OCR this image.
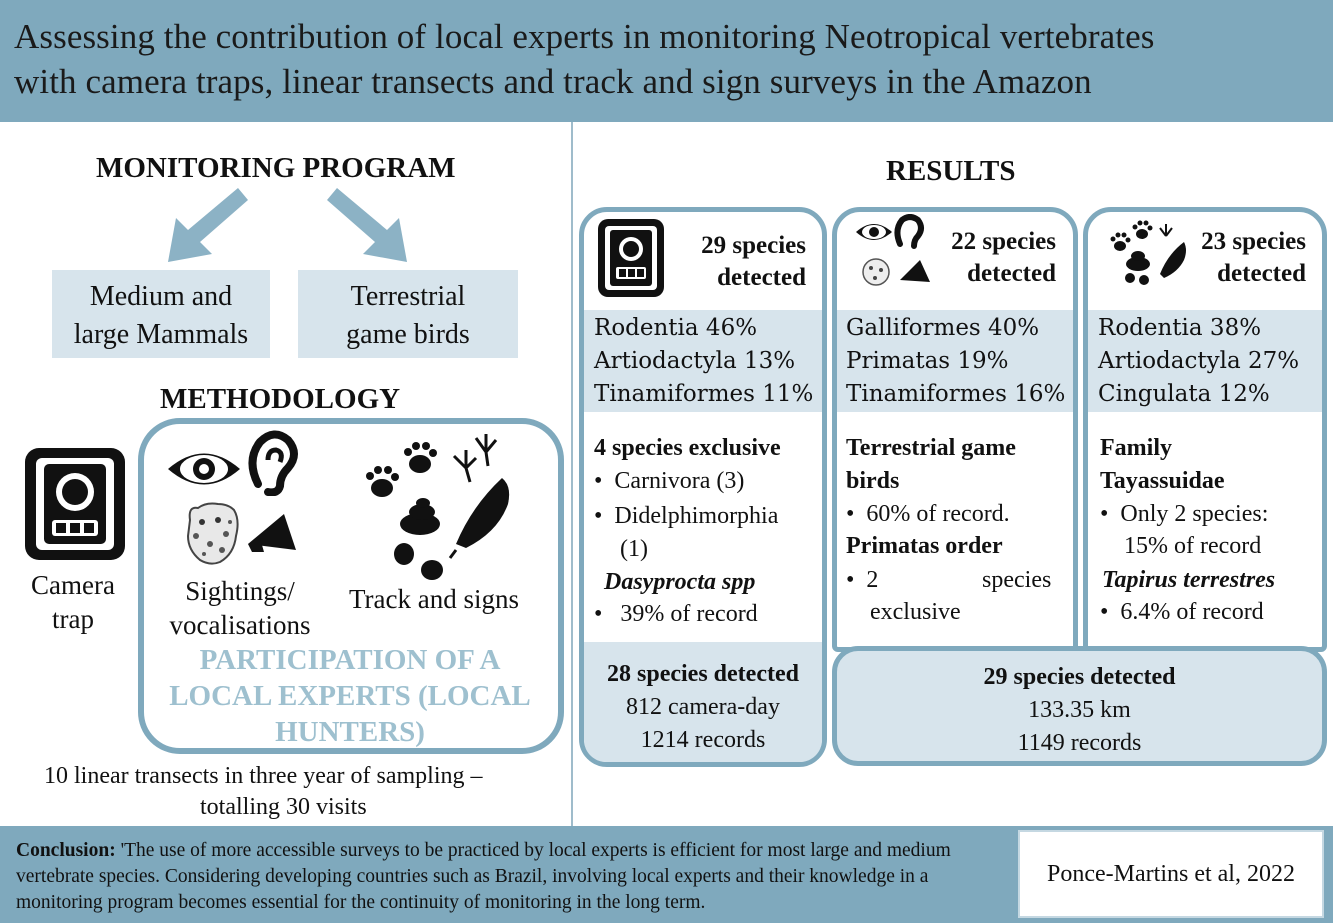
Assessing the contribution of local experts in monitoring Neotropical vertebrates
with camera traps, linear transects and track and sign surveys in the Amazon
MONITORING PROGRAM
Medium and
large Mammals
Terrestrial
game birds
METHODOLOGY
Camera
trap
Sightings/
vocalisations
Track and signs
PARTICIPATION OF A
LOCAL EXPERTS (LOCAL
HUNTERS)
10 linear transects in three year of sampling –
totalling 30 visits
RESULTS
29 species
detected
Rodentia 46%
Artiodactyla 13%
Tinamiformes 11%
4 species exclusive
•  Carnivora (3)
•  Didelphimorphia
(1)
Dasyprocta spp
•   39% of record
28 species detected
812 camera-day
1214 records
22 species
detected
Galliformes 40%
Primatas 19%
Tinamiformes 16%
Terrestrial game
birds
•  60% of record.
Primatas order
•  2	species
exclusive
23 species
detected
Rodentia 38%
Artiodactyla 27%
Cingulata 12%
Family
Tayassuidae
•  Only 2 species:
15% of record
Tapirus terrestres
•  6.4% of record
29 species detected
133.35 km
1149 records
Conclusion: 'The use of more accessible surveys to be practiced by local experts is efficient for most large and medium vertebrate species. Considering developing countries such as Brazil, involving local experts and their knowledge in a monitoring program becomes essential for the continuity of monitoring in the long term.
Ponce-Martins et al, 2022
